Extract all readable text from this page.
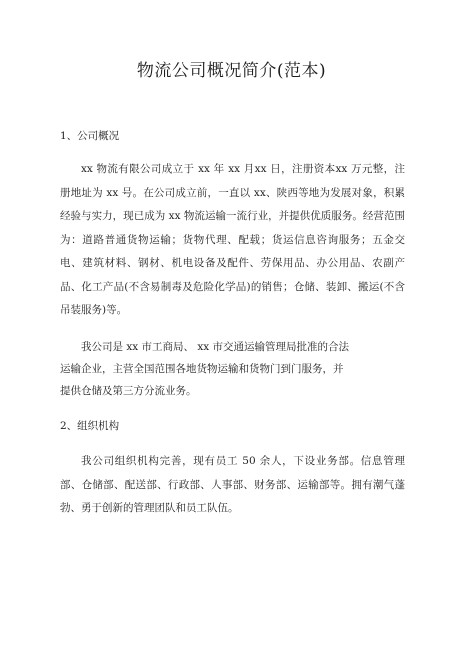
物流公司概况简介(范本)
1、公司概况

xx 物流有限公司成立于 xx 年 xx 月xx 日，注册资本xx 万元整，注册地址为 xx 号。在公司成立前，一直以 xx、陕西等地为发展对象，积累经验与实力，现已成为 xx 物流运输一流行业，并提供优质服务。经营范围为：道路普通货物运输；货物代理、配载；货运信息咨询服务；五金交电、建筑材料、钢材、机电设备及配件、劳保用品、办公用品、农副产品、化工产品(不含易制毒及危险化学品)的销售；仓储、装卸、搬运(不含吊装服务)等。

我公司是 xx 市工商局、 xx 市交通运输管理局批准的合法
运输企业，主营全国范围各地货物运输和货物门到门服务，并
提供仓储及第三方分流业务。
2、组织机构

我公司组织机构完善，现有员工 50 余人，下设业务部。信息管理部、仓储部、配送部、行政部、人事部、财务部、运输部等。拥有潮气蓬勃、勇于创新的管理团队和员工队伍。
